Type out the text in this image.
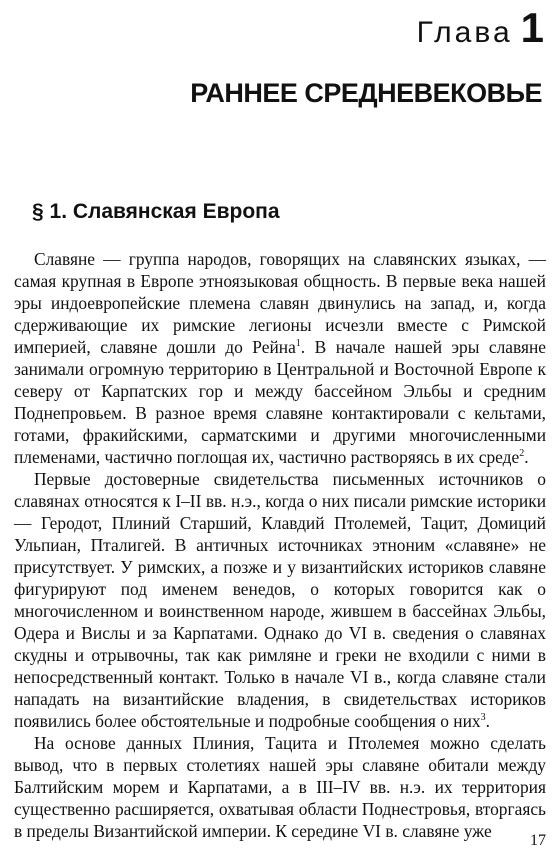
Глава 1
РАННЕЕ СРЕДНЕВЕКОВЬЕ
§ 1. Славянская Европа

Славяне — группа народов, говорящих на славянских языках, — самая крупная в Европе этноязыковая общность. В первые века нашей эры индоевропейские племена славян двинулись на запад, и, когда сдерживающие их римские легионы исчезли вместе с Римской империей, славяне дошли до Рейна$^1$. В начале нашей эры славяне занимали огромную территорию в Центральной и Восточной Европе к северу от Карпатских гор и между бассейном Эльбы и средним Поднепровьем. В разное время славяне контактировали с кельтами, готами, фракийскими, сарматскими и другими многочисленными племенами, частично поглощая их, частично растворяясь в их среде$^2$.

Первые достоверные свидетельства письменных источников о славянах относятся к I–II вв. н.э., когда о них писали римские историки — Геродот, Плиний Старший, Клавдий Птолемей, Тацит, Домиций Ульпиан, Пталигей. В античных источниках этноним «славяне» не присутствует. У римских, а позже и у византийских историков славяне фигурируют под именем венедов, о которых говорится как о многочисленном и воинственном народе, жившем в бассейнах Эльбы, Одера и Вислы и за Карпатами. Однако до VI в. сведения о славянах скудны и отрывочны, так как римляне и греки не входили с ними в непосредственный контакт. Только в начале VI в., когда славяне стали нападать на византийские владения, в свидетельствах историков появились более обстоятельные и подробные сообщения о них$^3$.

На основе данных Плиния, Тацита и Птолемея можно сделать вывод, что в первых столетиях нашей эры славяне обитали между Балтийским морем и Карпатами, а в III–IV вв. н.э. их территория существенно расширяется, охватывая области Поднестровья, вторгаясь в пределы Византийской империи. К середине VI в. славяне уже	17
